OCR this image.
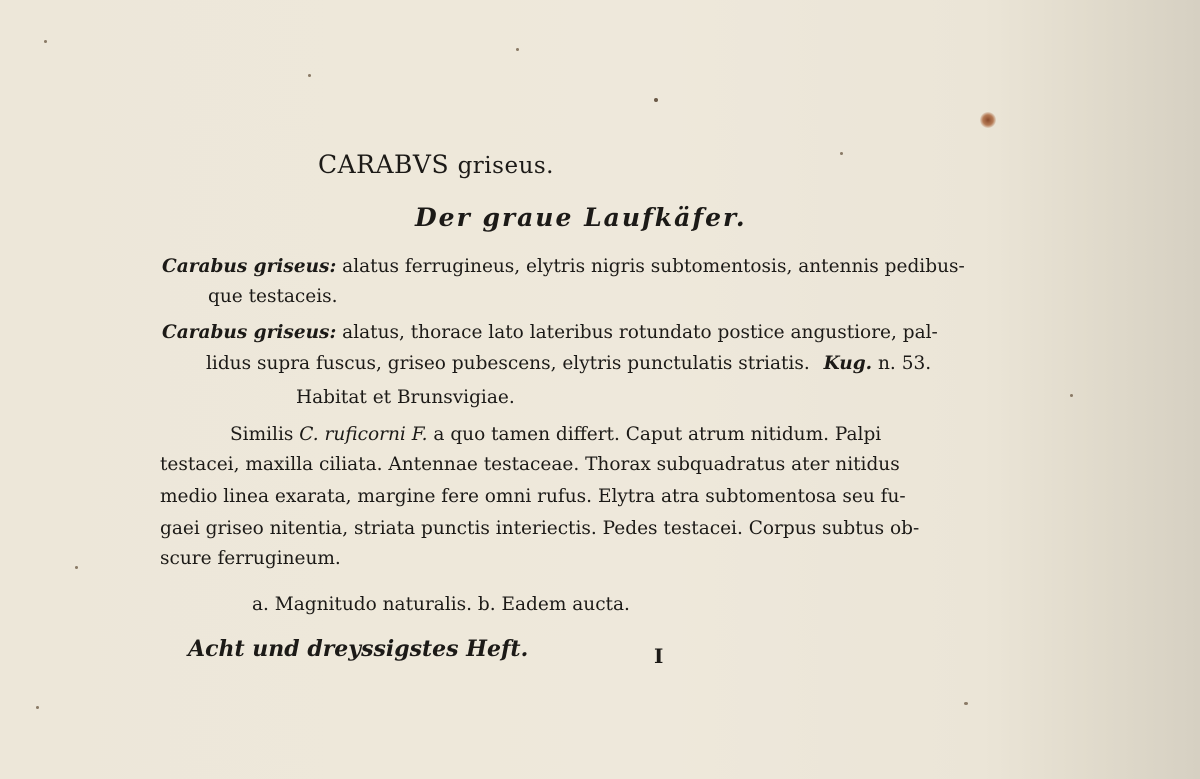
CARABVS griseus.
Der graue Laufkäfer.
Carabus griseus: alatus ferrugineus, elytris nigris subtomentosis, antennis pedibus-
que testaceis.
Carabus griseus: alatus, thorace lato lateribus rotundato postice angustiore, pal-
lidus supra fuscus, griseo pubescens, elytris punctulatis striatis. Kug. n. 53.
Habitat et Brunsvigiae.
Similis C. ruficorni F. a quo tamen differt. Caput atrum nitidum. Palpi
testacei, maxilla ciliata. Antennae testaceae. Thorax subquadratus ater nitidus
medio linea exarata, margine fere omni rufus. Elytra atra subtomentosa seu fu-
gaei griseo nitentia, striata punctis interiectis. Pedes testacei. Corpus subtus ob-
scure ferrugineum.
a. Magnitudo naturalis. b. Eadem aucta.
Acht und dreyssigstes Heft.	I
